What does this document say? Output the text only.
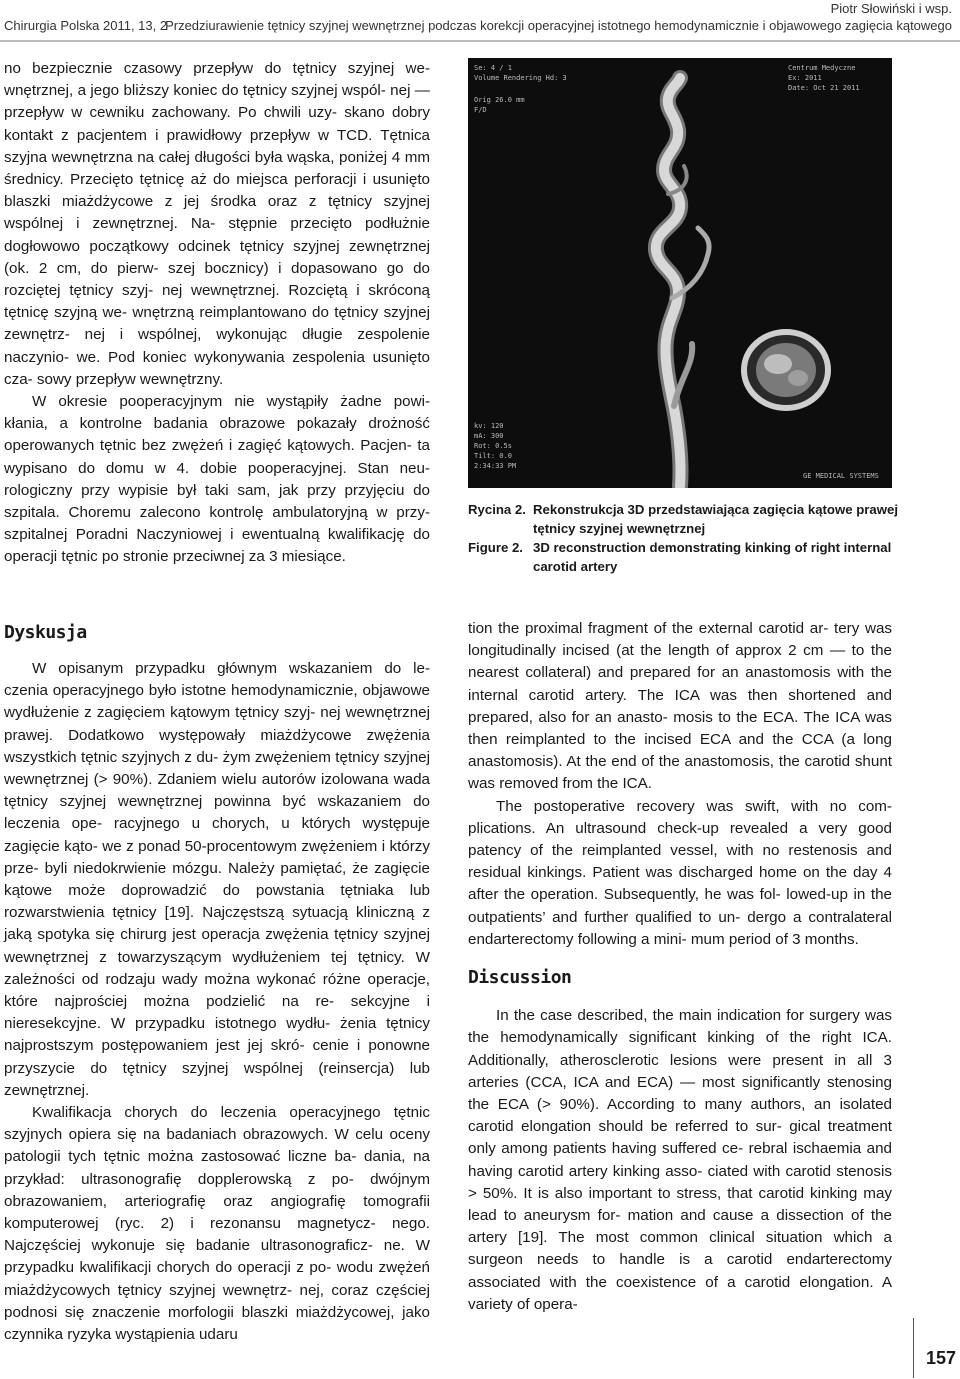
Piotr Słowiński i wsp.
Chirurgia Polska 2011, 13, 2
Przedziurawienie tętnicy szyjnej wewnętrznej podczas korekcji operacyjnej istotnego hemodynamicznie i objawowego zagięcia kątowego

no bezpiecznie czasowy przepływ do tętnicy szyjnej we- wnętrznej, a jego bliższy koniec do tętnicy szyjnej wspól- nej — przepływ w cewniku zachowany. Po chwili uzy- skano dobry kontakt z pacjentem i prawidłowy przepływ w TCD. Tętnica szyjna wewnętrzna na całej długości była wąska, poniżej 4 mm średnicy. Przecięto tętnicę aż do miejsca perforacji i usunięto blaszki miażdżycowe z jej środka oraz z tętnicy szyjnej wspólnej i zewnętrznej. Na- stępnie przecięto podłużnie dogłowowo początkowy odcinek tętnicy szyjnej zewnętrznej (ok. 2 cm, do pierw- szej bocznicy) i dopasowano go do rozciętej tętnicy szyj- nej wewnętrznej. Rozciętą i skróconą tętnicę szyjną we- wnętrzną reimplantowano do tętnicy szyjnej zewnętrz- nej i wspólnej, wykonując długie zespolenie naczynio- we. Pod koniec wykonywania zespolenia usunięto cza- sowy przepływ wewnętrzny.

W okresie pooperacyjnym nie wystąpiły żadne powi- kłania, a kontrolne badania obrazowe pokazały drożność operowanych tętnic bez zwężeń i zagięć kątowych. Pacjen- ta wypisano do domu w 4. dobie pooperacyjnej. Stan neu- rologiczny przy wypisie był taki sam, jak przy przyjęciu do szpitala. Choremu zalecono kontrolę ambulatoryjną w przy- szpitalnej Poradni Naczyniowej i ewentualną kwalifikację do operacji tętnic po stronie przeciwnej za 3 miesiące.

Se: 4 / 1
Volume Rendering Hd: 3
Orig 26.0 mm
F/D
Centrum Medyczne
Ex: 2011
Date: Oct 21 2011
kv: 120
mA: 300
Rot: 0.5s
Tilt: 0.0
2:34:33 PM
GE MEDICAL SYSTEMS
Rycina 2. Rekonstrukcja 3D przedstawiająca zagięcia kątowe prawej tętnicy szyjnej wewnętrznej
Figure 2. 3D reconstruction demonstrating kinking of right internal carotid artery
Dyskusja

W opisanym przypadku głównym wskazaniem do le- czenia operacyjnego było istotne hemodynamicznie, objawowe wydłużenie z zagięciem kątowym tętnicy szyj- nej wewnętrznej prawej. Dodatkowo występowały miażdżycowe zwężenia wszystkich tętnic szyjnych z du- żym zwężeniem tętnicy szyjnej wewnętrznej (> 90%). Zdaniem wielu autorów izolowana wada tętnicy szyjnej wewnętrznej powinna być wskazaniem do leczenia ope- racyjnego u chorych, u których występuje zagięcie kąto- we z ponad 50-procentowym zwężeniem i którzy prze- byli niedokrwienie mózgu. Należy pamiętać, że zagięcie kątowe może doprowadzić do powstania tętniaka lub rozwarstwienia tętnicy [19]. Najczęstszą sytuacją kliniczną z jaką spotyka się chirurg jest operacja zwężenia tętnicy szyjnej wewnętrznej z towarzyszącym wydłużeniem tej tętnicy. W zależności od rodzaju wady można wykonać różne operacje, które najprościej można podzielić na re- sekcyjne i nieresekcyjne. W przypadku istotnego wydłu- żenia tętnicy najprostszym postępowaniem jest jej skró- cenie i ponowne przyszycie do tętnicy szyjnej wspólnej (reinsercja) lub zewnętrznej.

Kwalifikacja chorych do leczenia operacyjnego tętnic szyjnych opiera się na badaniach obrazowych. W celu oceny patologii tych tętnic można zastosować liczne ba- dania, na przykład: ultrasonografię dopplerowską z po- dwójnym obrazowaniem, arteriografię oraz angiografię tomografii komputerowej (ryc. 2) i rezonansu magnetycz- nego. Najczęściej wykonuje się badanie ultrasonograficz- ne. W przypadku kwalifikacji chorych do operacji z po- wodu zwężeń miażdżycowych tętnicy szyjnej wewnętrz- nej, coraz częściej podnosi się znaczenie morfologii blaszki miażdżycowej, jako czynnika ryzyka wystąpienia udaru

tion the proximal fragment of the external carotid ar- tery was longitudinally incised (at the length of approx 2 cm — to the nearest collateral) and prepared for an anastomosis with the internal carotid artery. The ICA was then shortened and prepared, also for an anasto- mosis to the ECA. The ICA was then reimplanted to the incised ECA and the CCA (a long anastomosis). At the end of the anastomosis, the carotid shunt was removed from the ICA.

The postoperative recovery was swift, with no com- plications. An ultrasound check-up revealed a very good patency of the reimplanted vessel, with no restenosis and residual kinkings. Patient was discharged home on the day 4 after the operation. Subsequently, he was fol- lowed-up in the outpatients’ and further qualified to un- dergo a contralateral endarterectomy following a mini- mum period of 3 months.

Discussion

In the case described, the main indication for surgery was the hemodynamically significant kinking of the right ICA. Additionally, atherosclerotic lesions were present in all 3 arteries (CCA, ICA and ECA) — most significantly stenosing the ECA (> 90%). According to many authors, an isolated carotid elongation should be referred to sur- gical treatment only among patients having suffered ce- rebral ischaemia and having carotid artery kinking asso- ciated with carotid stenosis > 50%. It is also important to stress, that carotid kinking may lead to aneurysm for- mation and cause a dissection of the artery [19]. The most common clinical situation which a surgeon needs to handle is a carotid endarterectomy associated with the coexistence of a carotid elongation. A variety of opera-

157
